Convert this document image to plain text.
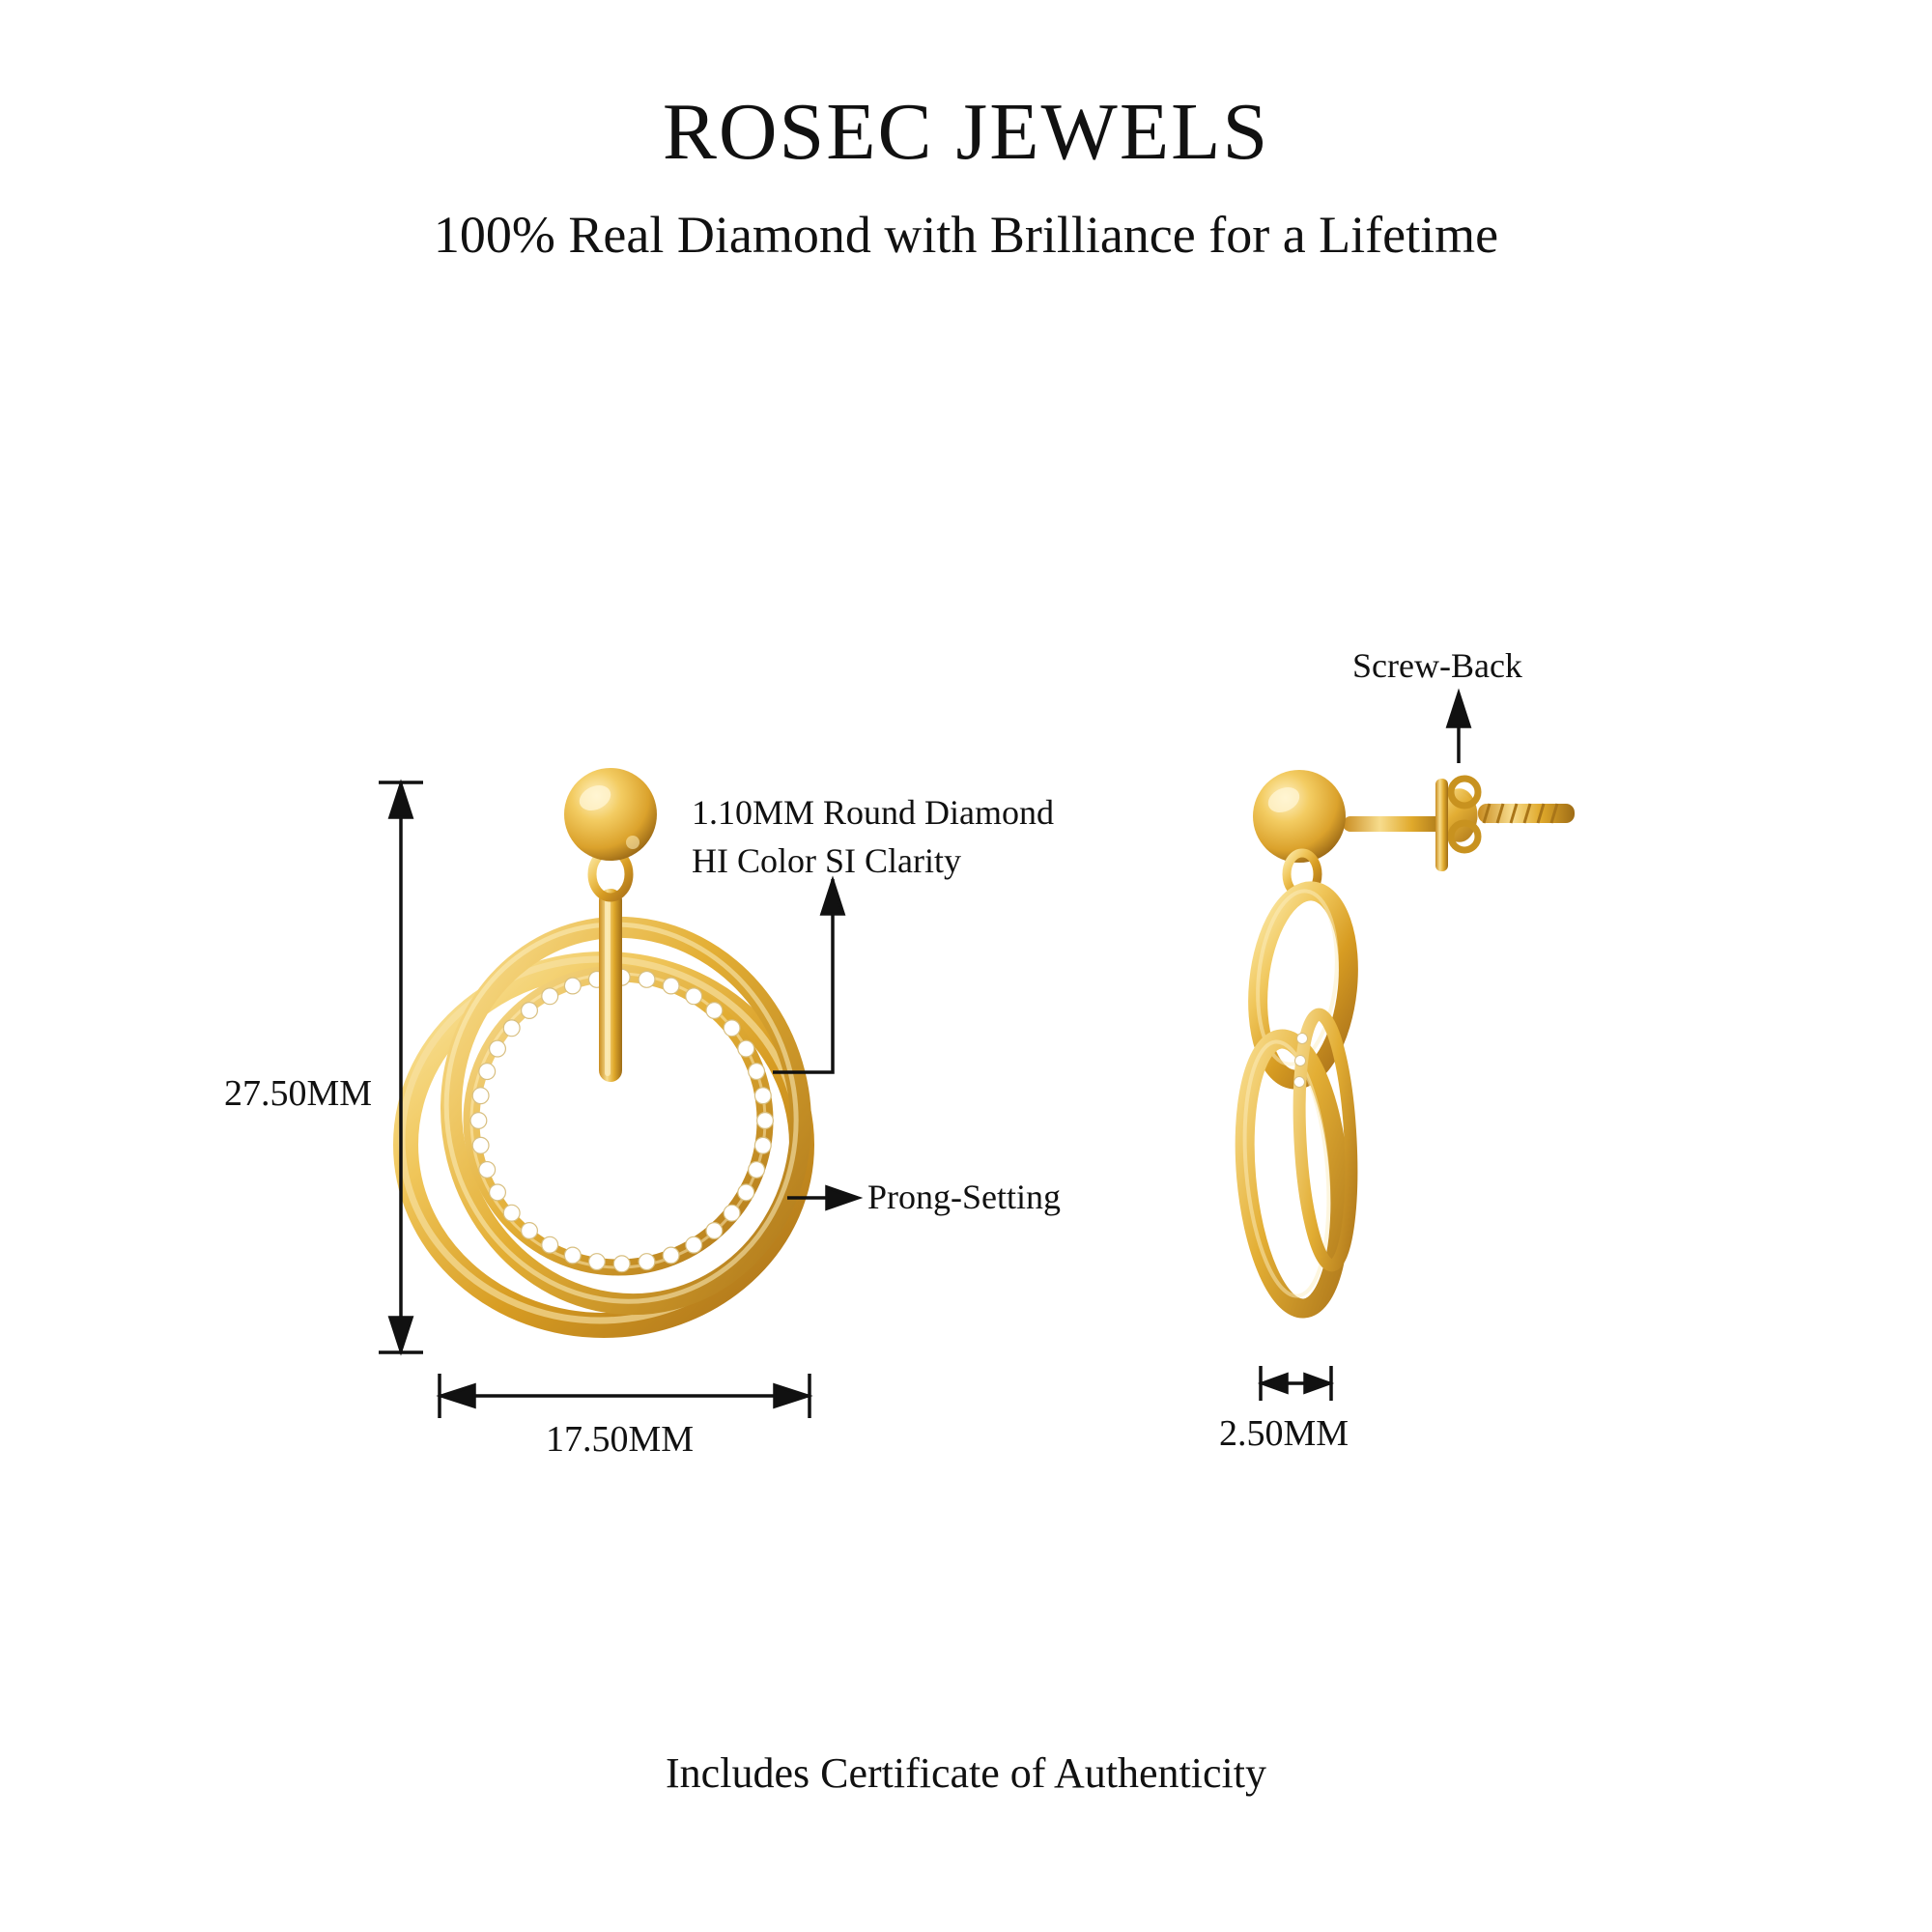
ROSEC JEWELS
100% Real Diamond with Brilliance for a Lifetime
1.10MM Round Diamond
HI Color SI Clarity
Prong-Setting
Screw-Back
27.50MM
17.50MM	2.50MM
Includes Certificate of Authenticity
